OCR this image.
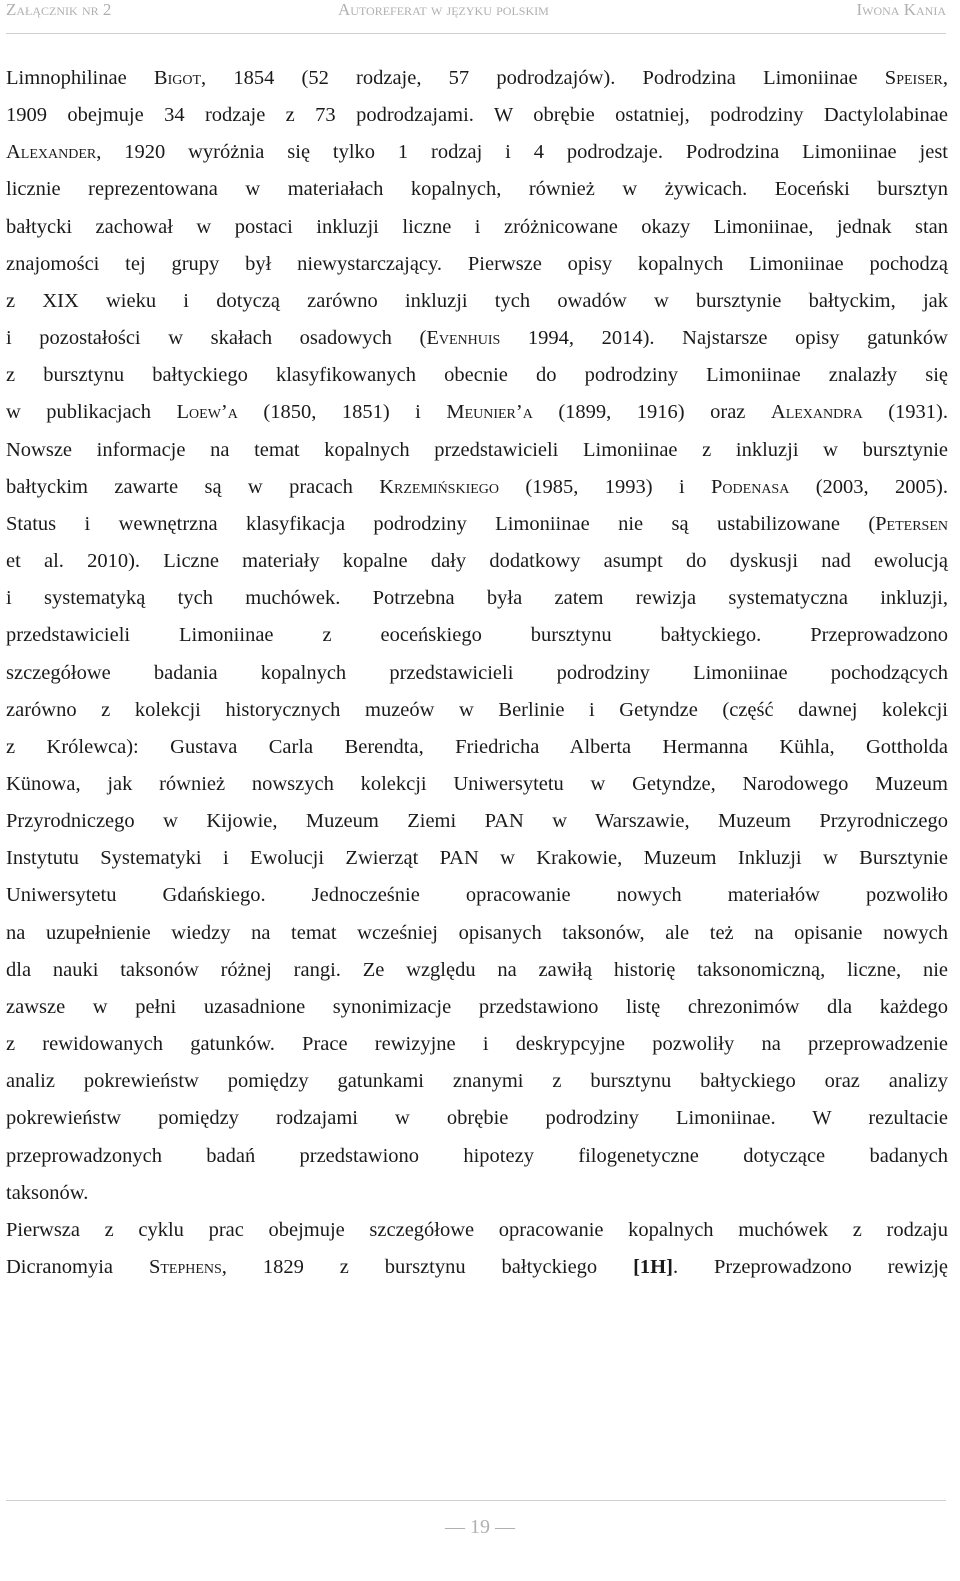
Załącznik nr 2	Autoreferat w języku polskim	Iwona Kania
Limnophilinae Bigot, 1854 (52 rodzaje, 57 podrodzajów). Podrodzina Limoniinae Speiser,
1909 obejmuje 34 rodzaje z 73 podrodzajami. W obrębie ostatniej, podrodziny Dactylolabinae
Alexander, 1920 wyróżnia się tylko 1 rodzaj i 4 podrodzaje. Podrodzina Limoniinae jest
licznie reprezentowana w materiałach kopalnych, również w żywicach. Eoceński bursztyn
bałtycki zachował w postaci inkluzji liczne i zróżnicowane okazy Limoniinae, jednak stan
znajomości tej grupy był niewystarczający. Pierwsze opisy kopalnych Limoniinae pochodzą
z XIX wieku i dotyczą zarówno inkluzji tych owadów w bursztynie bałtyckim, jak
i pozostałości w skałach osadowych (Evenhuis 1994, 2014). Najstarsze opisy gatunków
z bursztynu bałtyckiego klasyfikowanych obecnie do podrodziny Limoniinae znalazły się
w publikacjach Loew’a (1850, 1851) i Meunier’a (1899, 1916) oraz Alexandra (1931).
Nowsze informacje na temat kopalnych przedstawicieli Limoniinae z inkluzji w bursztynie
bałtyckim zawarte są w pracach Krzemińskiego (1985, 1993) i Podenasa (2003, 2005).
Status i wewnętrzna klasyfikacja podrodziny Limoniinae nie są ustabilizowane (Petersen
et al. 2010). Liczne materiały kopalne dały dodatkowy asumpt do dyskusji nad ewolucją
i systematyką tych muchówek. Potrzebna była zatem rewizja systematyczna inkluzji,
przedstawicieli Limoniinae z eoceńskiego bursztynu bałtyckiego. Przeprowadzono
szczegółowe badania kopalnych przedstawicieli podrodziny Limoniinae pochodzących
zarówno z kolekcji historycznych muzeów w Berlinie i Getyndze (część dawnej kolekcji
z Królewca): Gustava Carla Berendta, Friedricha Alberta Hermanna Kühla, Gottholda
Künowa, jak również nowszych kolekcji Uniwersytetu w Getyndze, Narodowego Muzeum
Przyrodniczego w Kijowie, Muzeum Ziemi PAN w Warszawie, Muzeum Przyrodniczego
Instytutu Systematyki i Ewolucji Zwierząt PAN w Krakowie, Muzeum Inkluzji w Bursztynie
Uniwersytetu Gdańskiego. Jednocześnie opracowanie nowych materiałów pozwoliło
na uzupełnienie wiedzy na temat wcześniej opisanych taksonów, ale też na opisanie nowych
dla nauki taksonów różnej rangi. Ze względu na zawiłą historię taksonomiczną, liczne, nie
zawsze w pełni uzasadnione synonimizacje przedstawiono listę chrezonimów dla każdego
z rewidowanych gatunków. Prace rewizyjne i deskrypcyjne pozwoliły na przeprowadzenie
analiz pokrewieństw pomiędzy gatunkami znanymi z bursztynu bałtyckiego oraz analizy
pokrewieństw pomiędzy rodzajami w obrębie podrodziny Limoniinae. W rezultacie
przeprowadzonych badań przedstawiono hipotezy filogenetyczne dotyczące badanych
taksonów.
Pierwsza z cyklu prac obejmuje szczegółowe opracowanie kopalnych muchówek z rodzaju
Dicranomyia Stephens, 1829 z bursztynu bałtyckiego [1H]. Przeprowadzono rewizję
— 19 —
